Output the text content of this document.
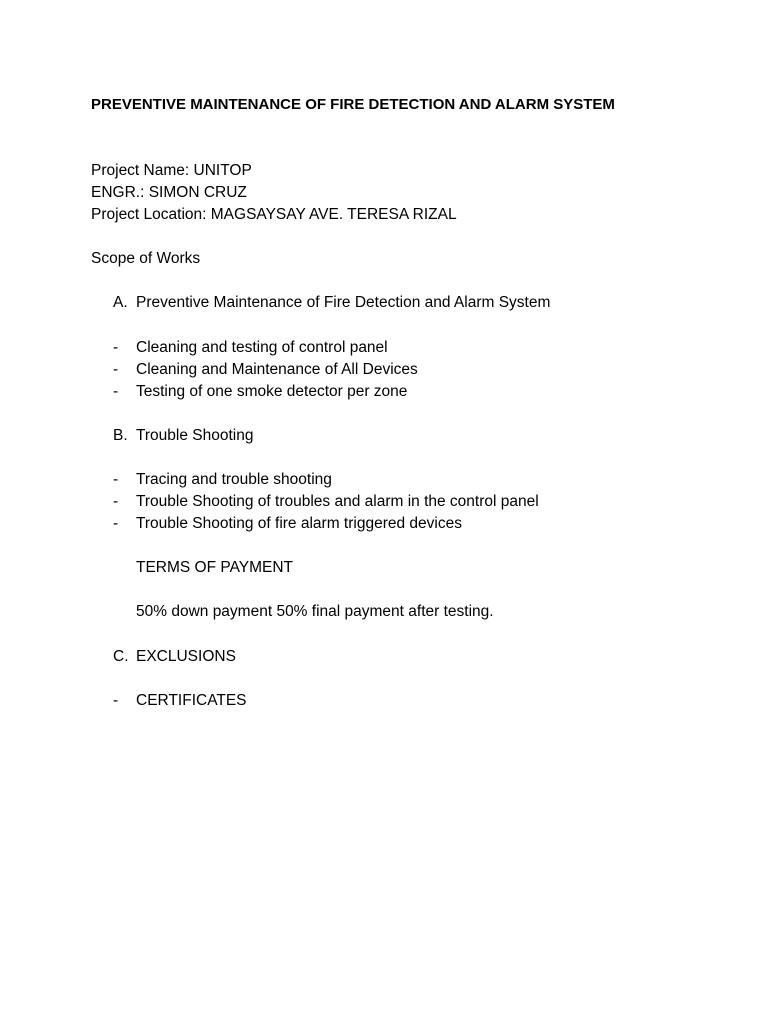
PREVENTIVE MAINTENANCE OF FIRE DETECTION AND ALARM SYSTEM
Project Name: UNITOP
ENGR.: SIMON CRUZ
Project Location: MAGSAYSAY AVE. TERESA RIZAL
Scope of Works
A. Preventive Maintenance of Fire Detection and Alarm System
- Cleaning and testing of control panel
- Cleaning and Maintenance of All Devices
- Testing of one smoke detector per zone
B. Trouble Shooting
- Tracing and trouble shooting
- Trouble Shooting of troubles and alarm in the control panel
- Trouble Shooting of fire alarm triggered devices
TERMS OF PAYMENT
50% down payment 50% final payment after testing.
C. EXCLUSIONS
- CERTIFICATES
